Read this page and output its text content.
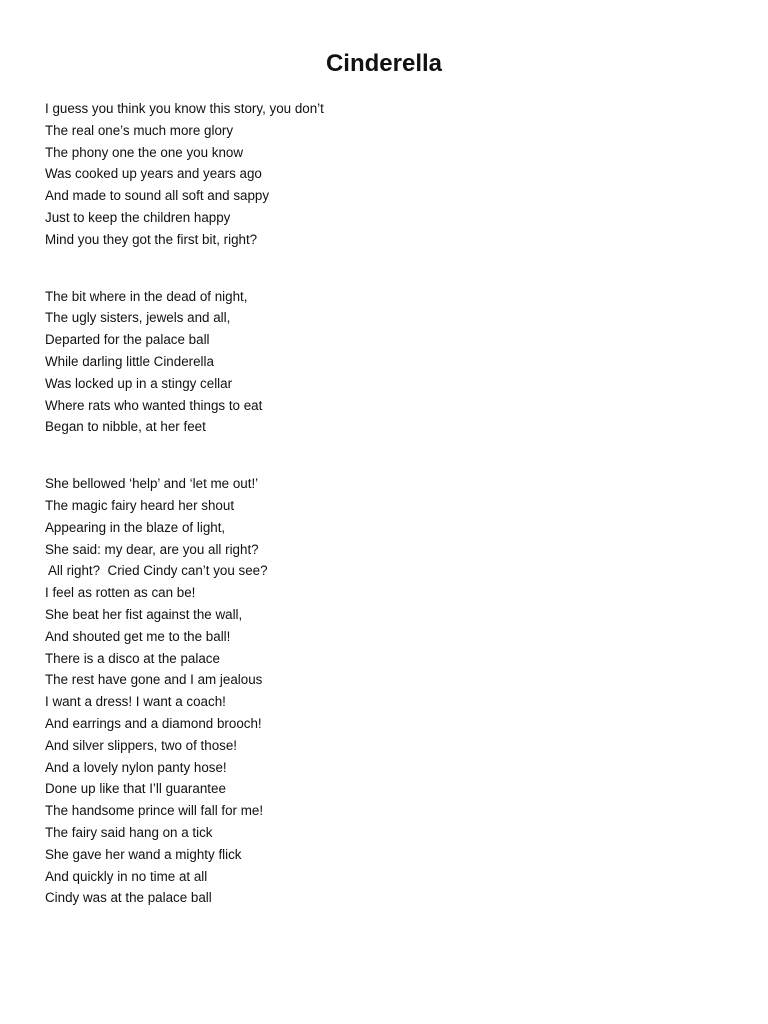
Cinderella

I guess you think you know this story, you don’t
The real one’s much more glory
The phony one the one you know
Was cooked up years and years ago
And made to sound all soft and sappy
Just to keep the children happy
Mind you they got the first bit, right?

The bit where in the dead of night,
The ugly sisters, jewels and all,
Departed for the palace ball
While darling little Cinderella
Was locked up in a stingy cellar
Where rats who wanted things to eat
Began to nibble, at her feet

She bellowed ‘help’ and ‘let me out!’
The magic fairy heard her shout
Appearing in the blaze of light,
She said: my dear, are you all right?
All right?  Cried Cindy can’t you see?
I feel as rotten as can be!
She beat her fist against the wall,
And shouted get me to the ball!
There is a disco at the palace
The rest have gone and I am jealous
I want a dress! I want a coach!
And earrings and a diamond brooch!
And silver slippers, two of those!
And a lovely nylon panty hose!
Done up like that I’ll guarantee
The handsome prince will fall for me!
The fairy said hang on a tick
She gave her wand a mighty flick
And quickly in no time at all
Cindy was at the palace ball
